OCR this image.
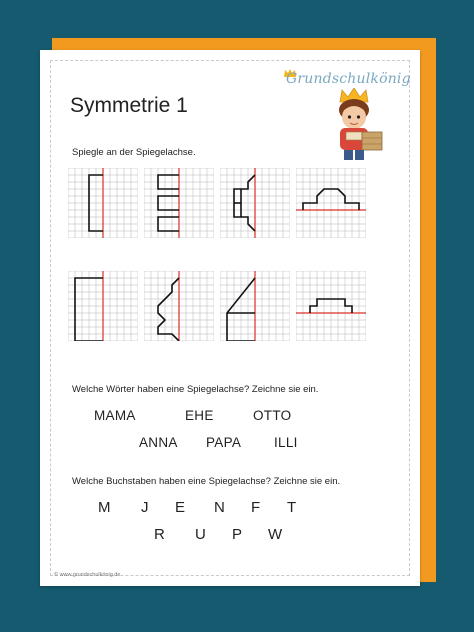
Grundschulkönig
Symmetrie 1
Spiegle an der Spiegelachse.
Welche Wörter haben eine Spiegelachse? Zeichne sie ein.
MAMA	EHE	OTTO
ANNA PAPA ILLI
Welche Buchstaben haben eine Spiegelachse? Zeichne sie ein.
M J E N F T
R U P W
© www.grundschulkönig.de
